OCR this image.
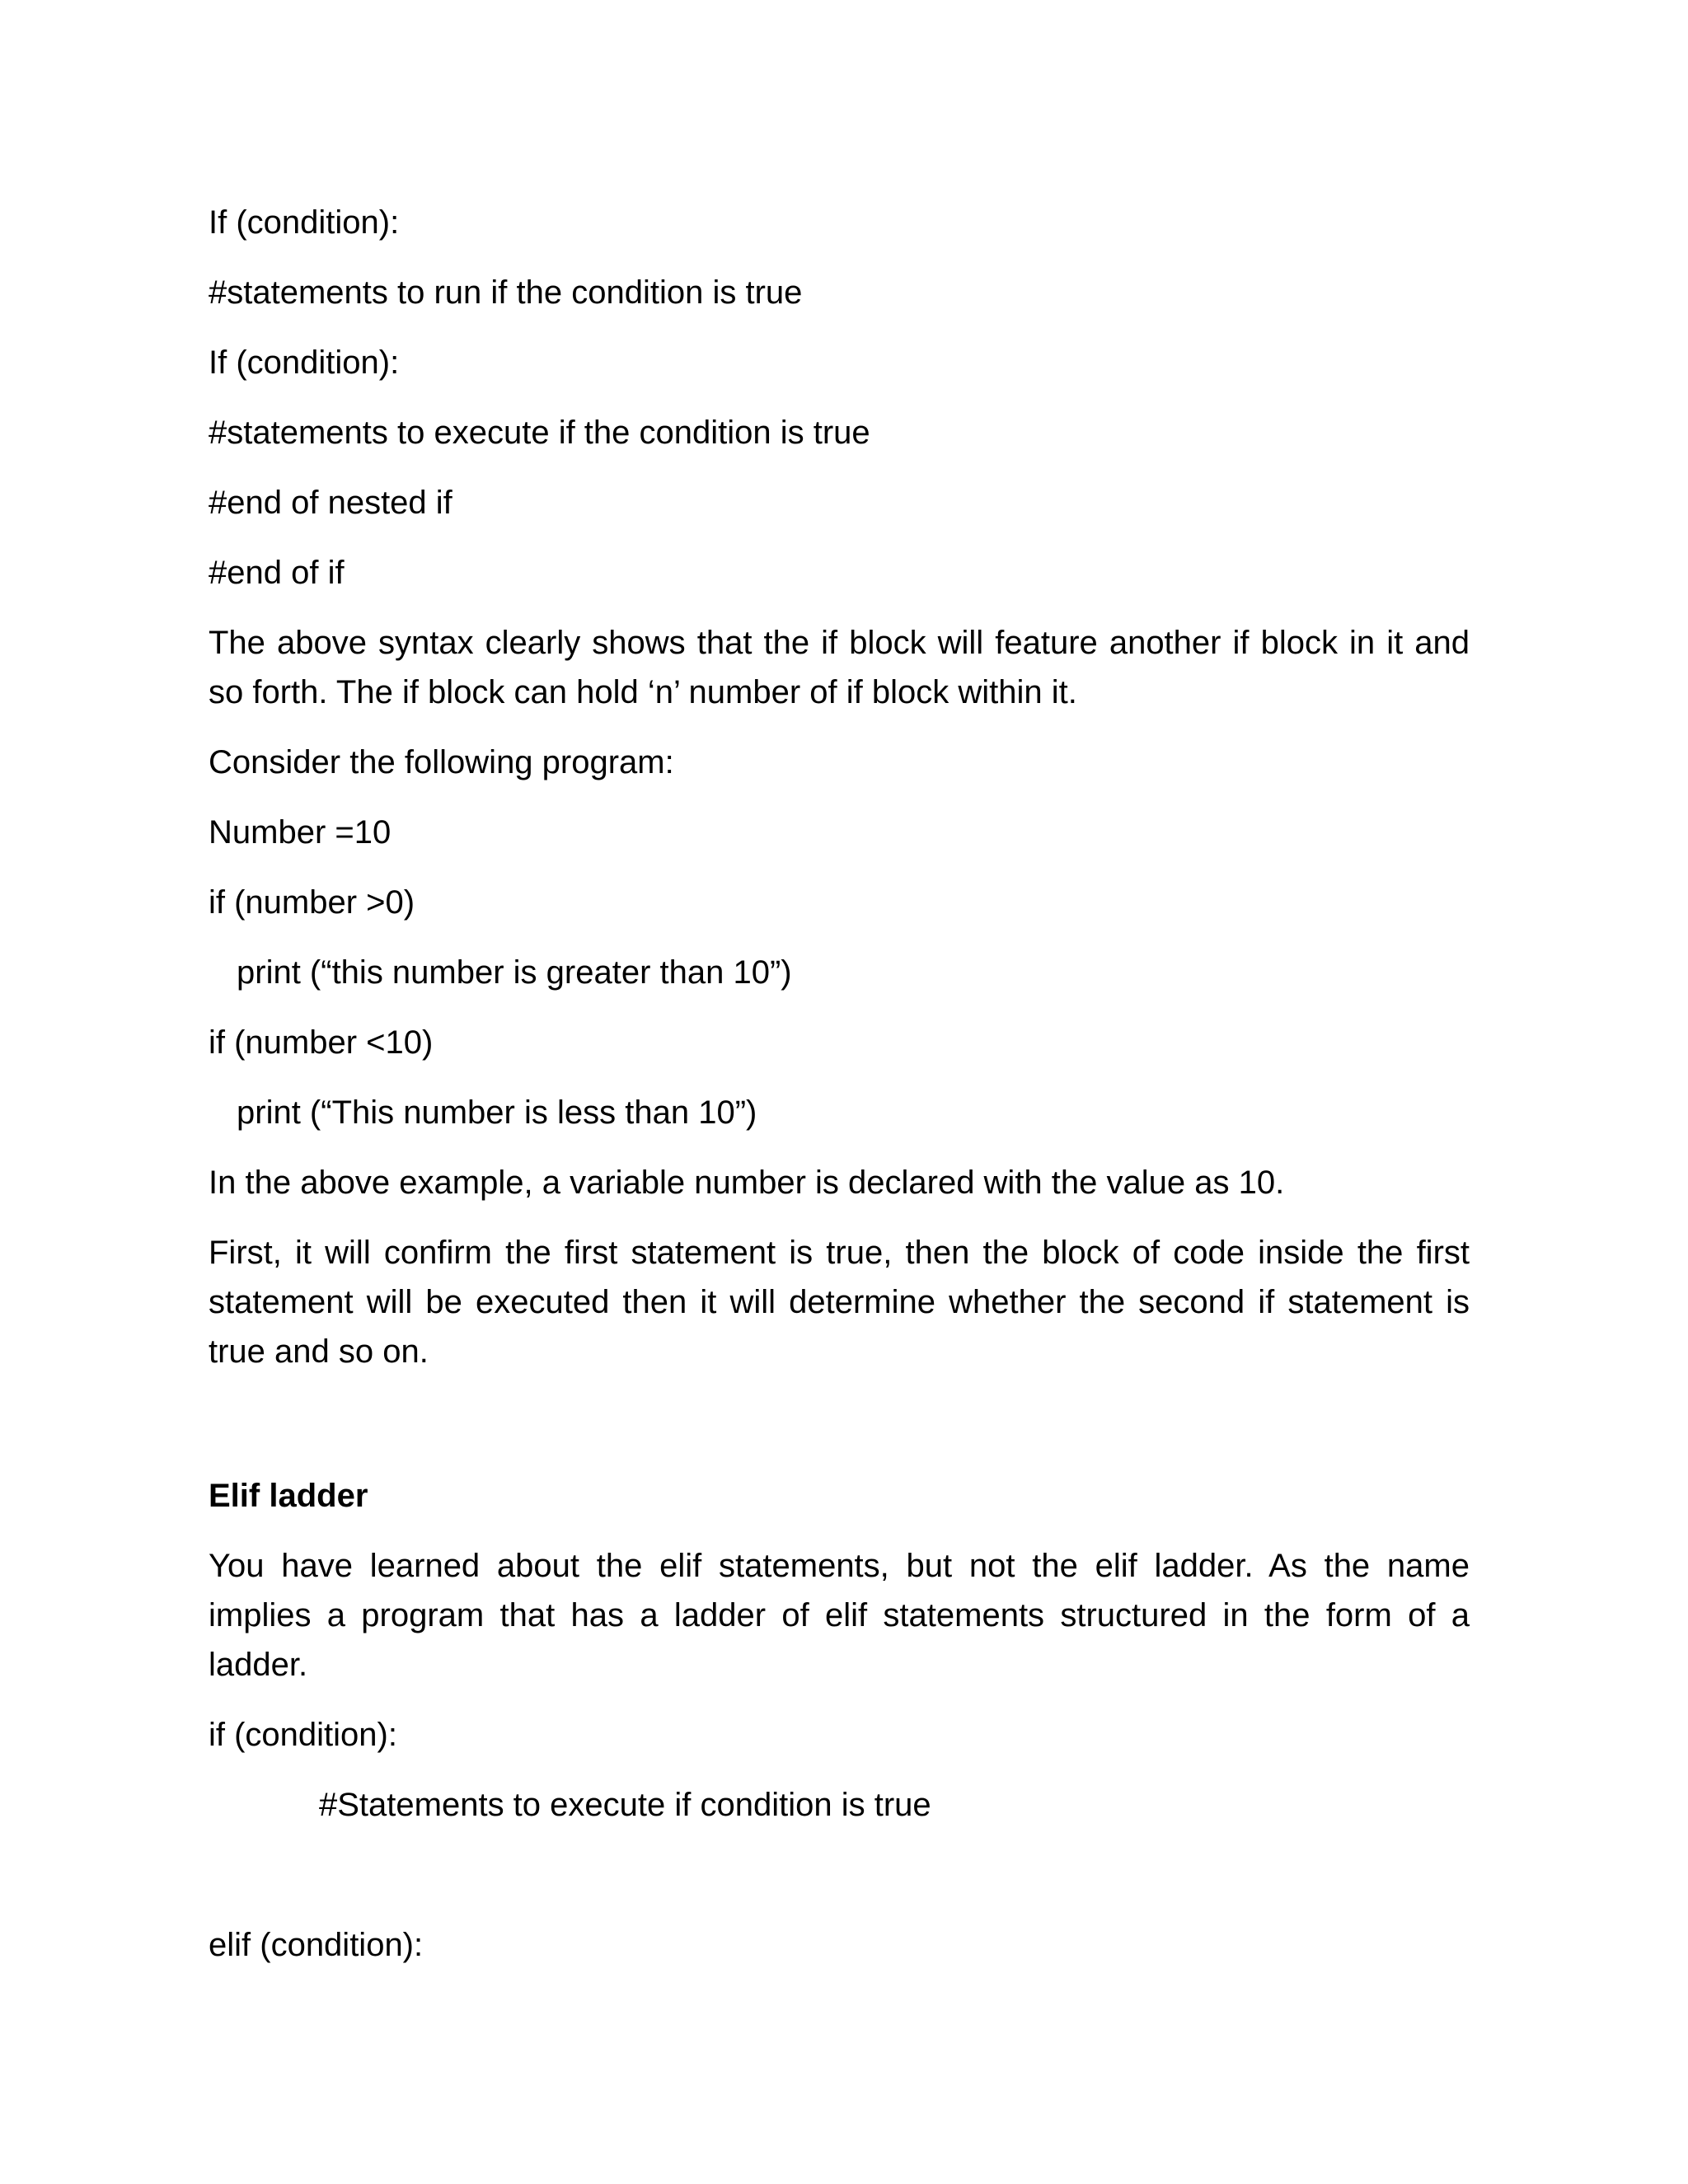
If (condition):
#statements to run if the condition is true
If (condition):
#statements to execute if the condition is true
#end of nested if
#end of if
The above syntax clearly shows that the if block will feature another if block in it and so forth. The if block can hold ‘n’ number of if block within it.
Consider the following program:
Number =10
if (number >0)
print (“this number is greater than 10”)
if (number <10)
print (“This number is less than 10”)
In the above example, a variable number is declared with the value as 10.
First, it will confirm the first statement is true, then the block of code inside the first statement will be executed then it will determine whether the second if statement is true and so on.
Elif ladder
You have learned about the elif statements, but not the elif ladder. As the name implies a program that has a ladder of elif statements structured in the form of a ladder.
if (condition):
#Statements to execute if condition is true
elif (condition):
